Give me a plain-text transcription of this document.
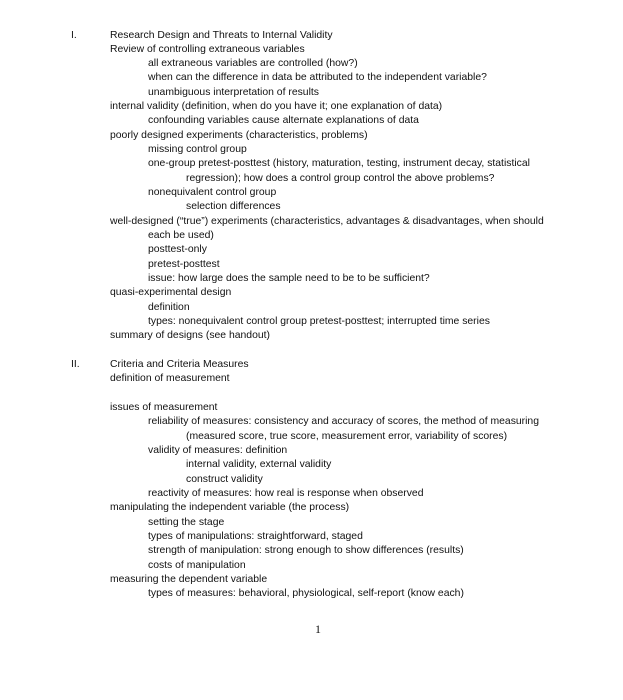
I.	Research Design and Threats to Internal Validity
Review of controlling extraneous variables
all extraneous variables are controlled (how?)
when can the difference in data be attributed to the independent variable?
unambiguous interpretation of results
internal validity (definition, when do you have it; one explanation of data)
confounding variables cause alternate explanations of data
poorly designed experiments (characteristics, problems)
missing control group
one-group pretest-posttest (history, maturation, testing, instrument decay, statistical
regression); how does a control group control the above problems?
nonequivalent control group
selection differences
well-designed (“true”) experiments (characteristics, advantages & disadvantages, when should
each be used)
posttest-only
pretest-posttest
issue: how large does the sample need to be to be sufficient?
quasi-experimental design
definition
types: nonequivalent control group pretest-posttest; interrupted time series
summary of designs (see handout)
II.	Criteria and Criteria Measures
definition of measurement
issues of measurement
reliability of measures: consistency and accuracy of scores, the method of measuring
(measured score, true score, measurement error, variability of scores)
validity of measures: definition
internal validity, external validity
construct validity
reactivity of measures: how real is response when observed
manipulating the independent variable (the process)
setting the stage
types of manipulations: straightforward, staged
strength of manipulation: strong enough to show differences (results)
costs of manipulation
measuring the dependent variable
types of measures: behavioral, physiological, self-report (know each)
1
